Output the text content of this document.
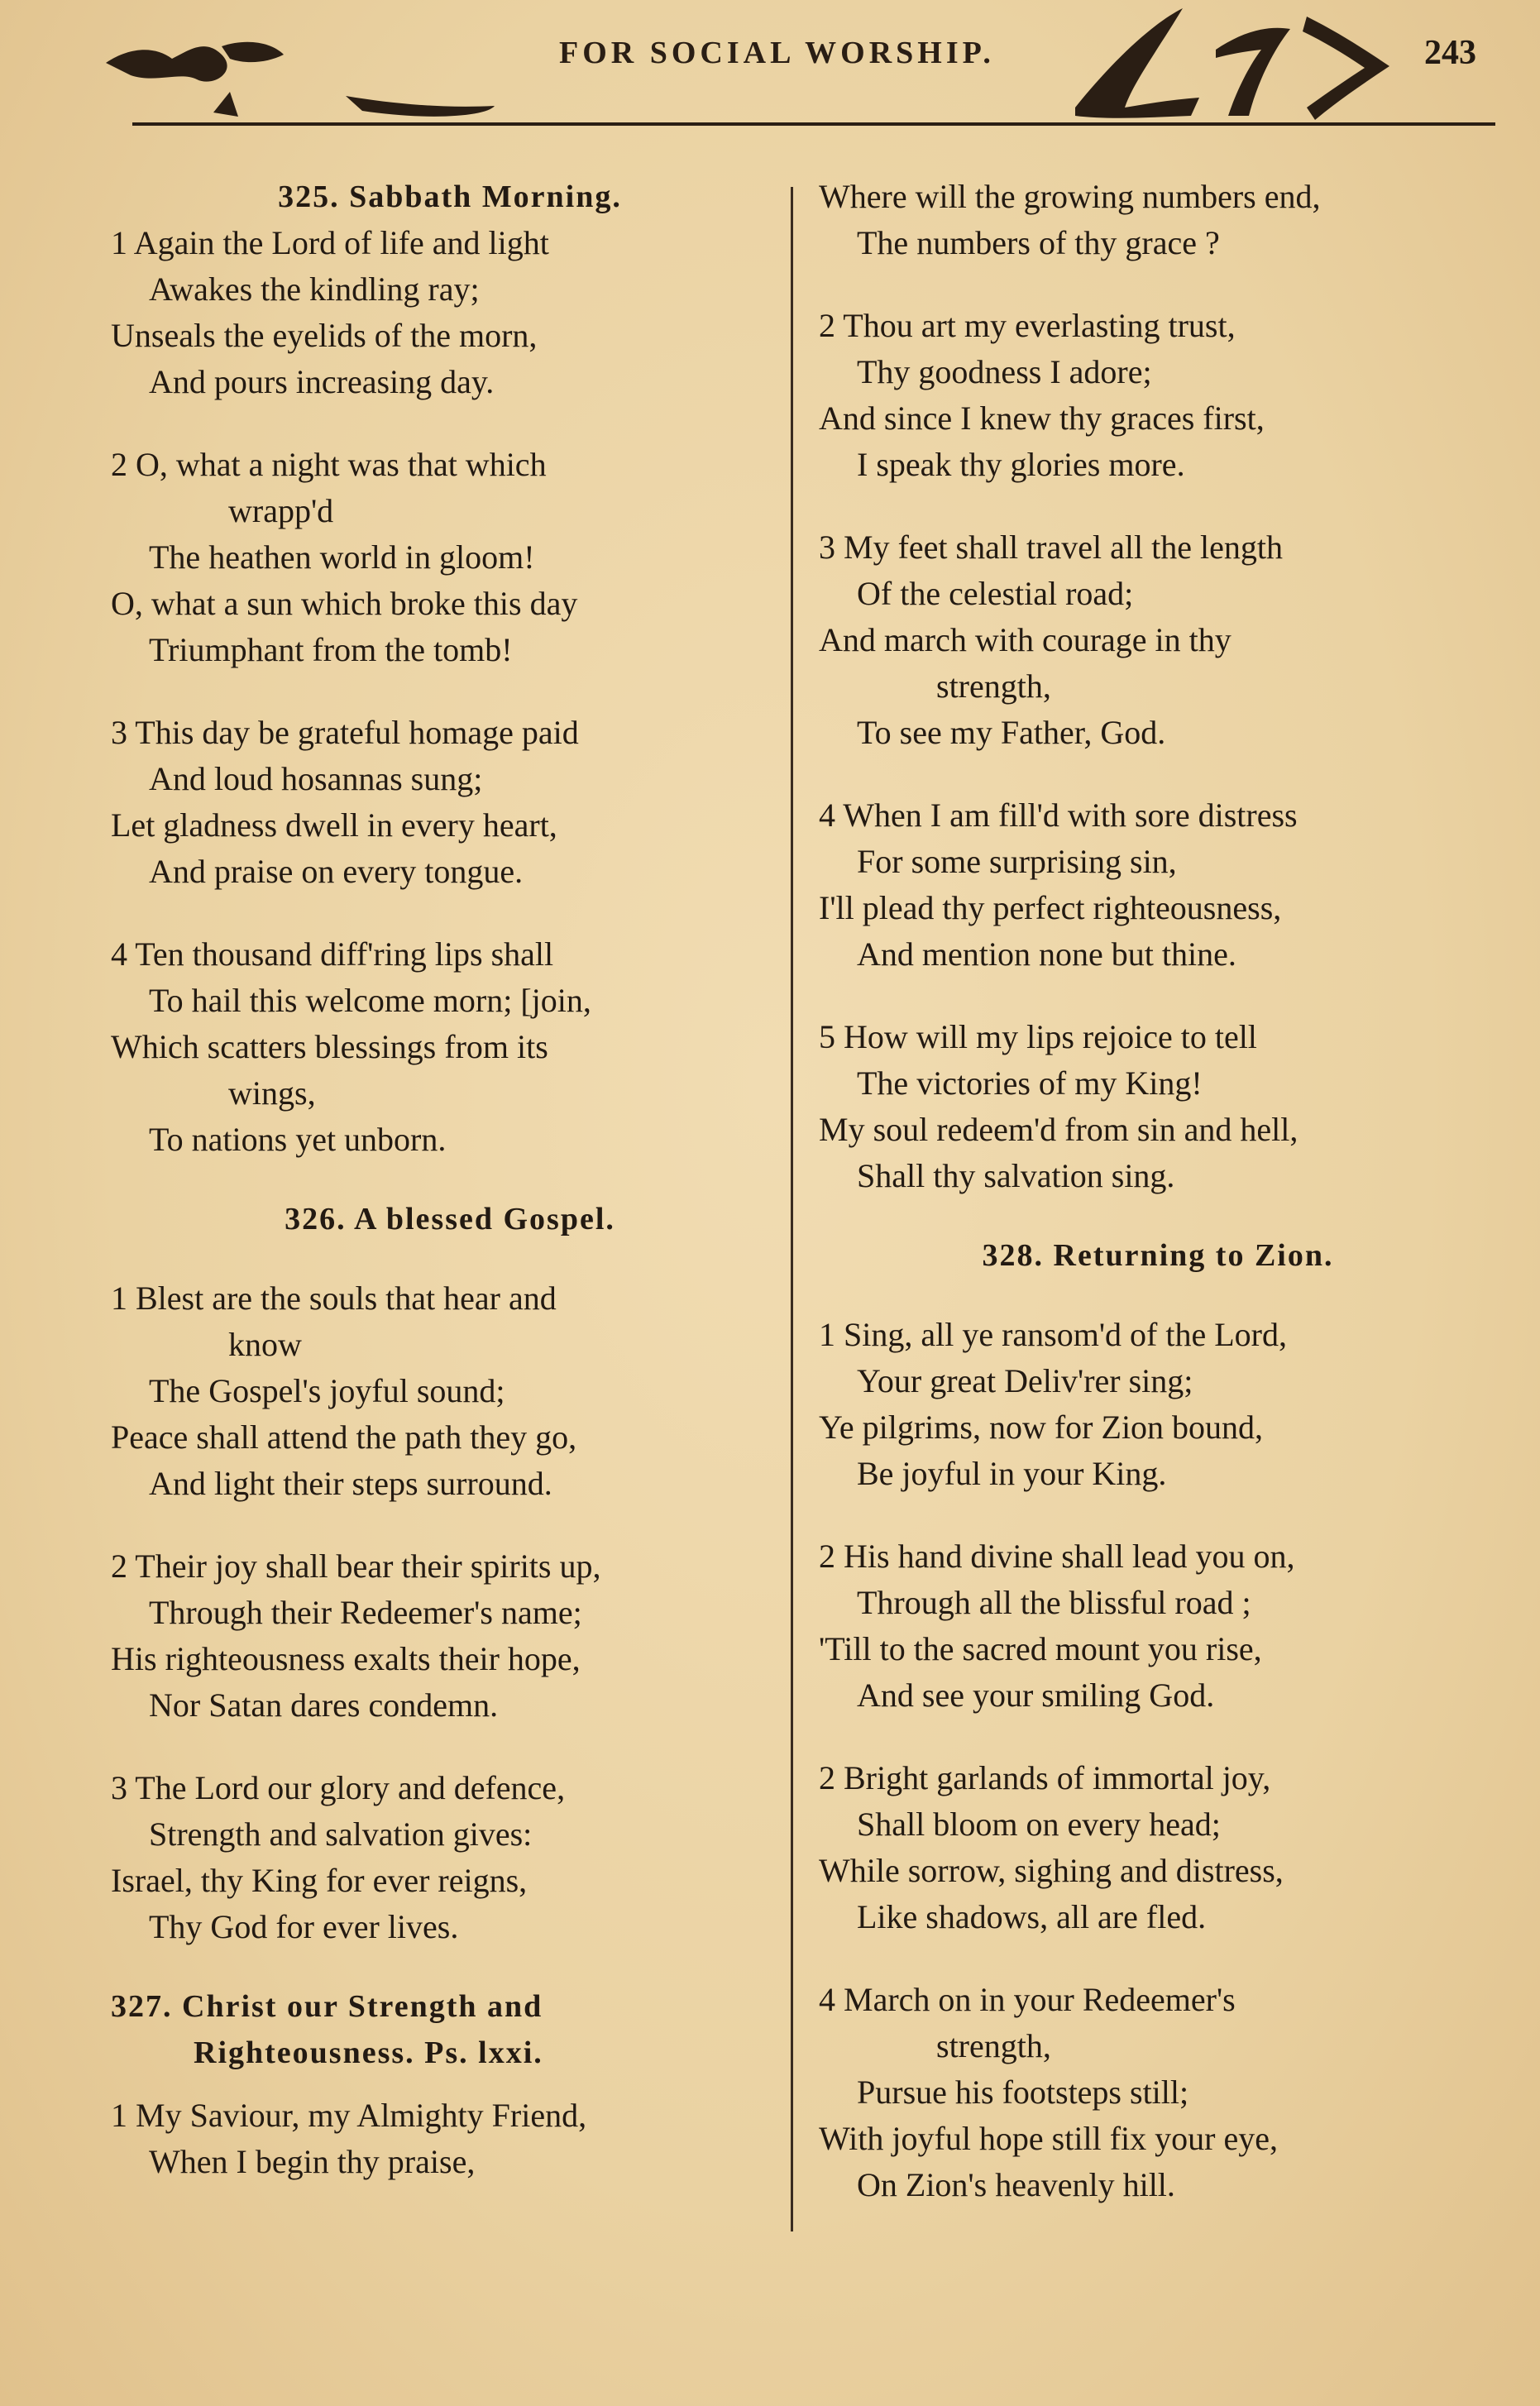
FOR SOCIAL WORSHIP.	243
325. Sabbath Morning.
1 Again the Lord of life and light
Awakes the kindling ray;
Unseals the eyelids of the morn,
And pours increasing day.
2 O, what a night was that which
wrapp'd
The heathen world in gloom!
O, what a sun which broke this day
Triumphant from the tomb!
3 This day be grateful homage paid
And loud hosannas sung;
Let gladness dwell in every heart,
And praise on every tongue.
4 Ten thousand diff'ring lips shall
To hail this welcome morn; [join,
Which scatters blessings from its
wings,
To nations yet unborn.
326. A blessed Gospel.
1 Blest are the souls that hear and
know
The Gospel's joyful sound;
Peace shall attend the path they go,
And light their steps surround.
2 Their joy shall bear their spirits up,
Through their Redeemer's name;
His righteousness exalts their hope,
Nor Satan dares condemn.
3 The Lord our glory and defence,
Strength and salvation gives:
Israel, thy King for ever reigns,
Thy God for ever lives.
327. Christ our Strength and
Righteousness. Ps. lxxi.
1 My Saviour, my Almighty Friend,
When I begin thy praise,
Where will the growing numbers end,
The numbers of thy grace ?
2 Thou art my everlasting trust,
Thy goodness I adore;
And since I knew thy graces first,
I speak thy glories more.
3 My feet shall travel all the length
Of the celestial road;
And march with courage in thy
strength,
To see my Father, God.
4 When I am fill'd with sore distress
For some surprising sin,
I'll plead thy perfect righteousness,
And mention none but thine.
5 How will my lips rejoice to tell
The victories of my King!
My soul redeem'd from sin and hell,
Shall thy salvation sing.
328. Returning to Zion.
1 Sing, all ye ransom'd of the Lord,
Your great Deliv'rer sing;
Ye pilgrims, now for Zion bound,
Be joyful in your King.
2 His hand divine shall lead you on,
Through all the blissful road ;
'Till to the sacred mount you rise,
And see your smiling God.
2 Bright garlands of immortal joy,
Shall bloom on every head;
While sorrow, sighing and distress,
Like shadows, all are fled.
4 March on in your Redeemer's
strength,
Pursue his footsteps still;
With joyful hope still fix your eye,
On Zion's heavenly hill.
